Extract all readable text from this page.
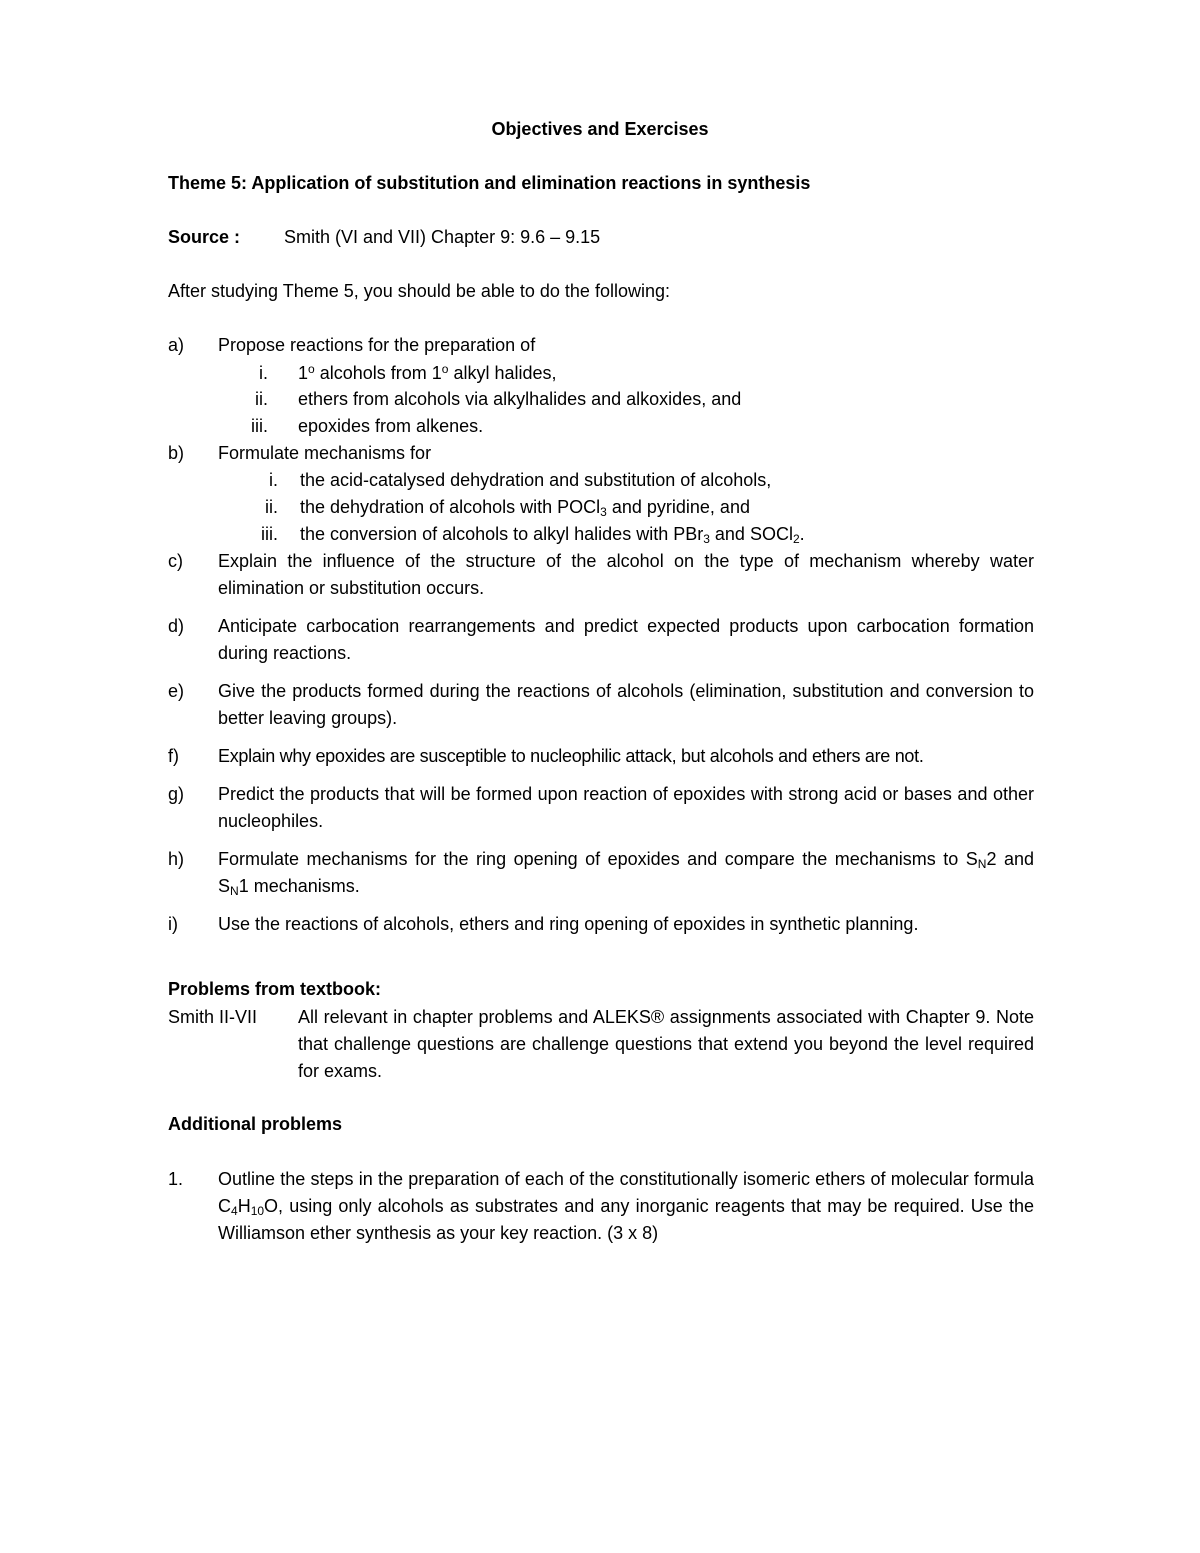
Objectives and Exercises
Theme 5: Application of substitution and elimination reactions in synthesis
Source : Smith (VI and VII) Chapter 9: 9.6 – 9.15
After studying Theme 5, you should be able to do the following:
a)	Propose reactions for the preparation of
i. 1$^o$ alcohols from 1$^o$ alkyl halides,
ii. ethers from alcohols via alkylhalides and alkoxides, and
iii. epoxides from alkenes.
b)	Formulate mechanisms for
i. the acid-catalysed dehydration and substitution of alcohols,
ii. the dehydration of alcohols with POCl$_3$ and pyridine, and
iii. the conversion of alcohols to alkyl halides with PBr$_3$ and SOCl$_2$.
c)	Explain the influence of the structure of the alcohol on the type of mechanism whereby water elimination or substitution occurs.
d)	Anticipate carbocation rearrangements and predict expected products upon carbocation formation during reactions.
e)	Give the products formed during the reactions of alcohols (elimination, substitution and conversion to better leaving groups).
f)	Explain why epoxides are susceptible to nucleophilic attack, but alcohols and ethers are not.
g)	Predict the products that will be formed upon reaction of epoxides with strong acid or bases and other nucleophiles.
h)	Formulate mechanisms for the ring opening of epoxides and compare the mechanisms to $S_N2$ and $S_N1$ mechanisms.
i)	Use the reactions of alcohols, ethers and ring opening of epoxides in synthetic planning.
Problems from textbook:
Smith II-VII All relevant in chapter problems and ALEKS® assignments associated with Chapter 9. Note that challenge questions are challenge questions that extend you beyond the level required for exams.
Additional problems
1.	Outline the steps in the preparation of each of the constitutionally isomeric ethers of molecular formula $C_4H_{10}O$, using only alcohols as substrates and any inorganic reagents that may be required. Use the Williamson ether synthesis as your key reaction. (3 x 8)
